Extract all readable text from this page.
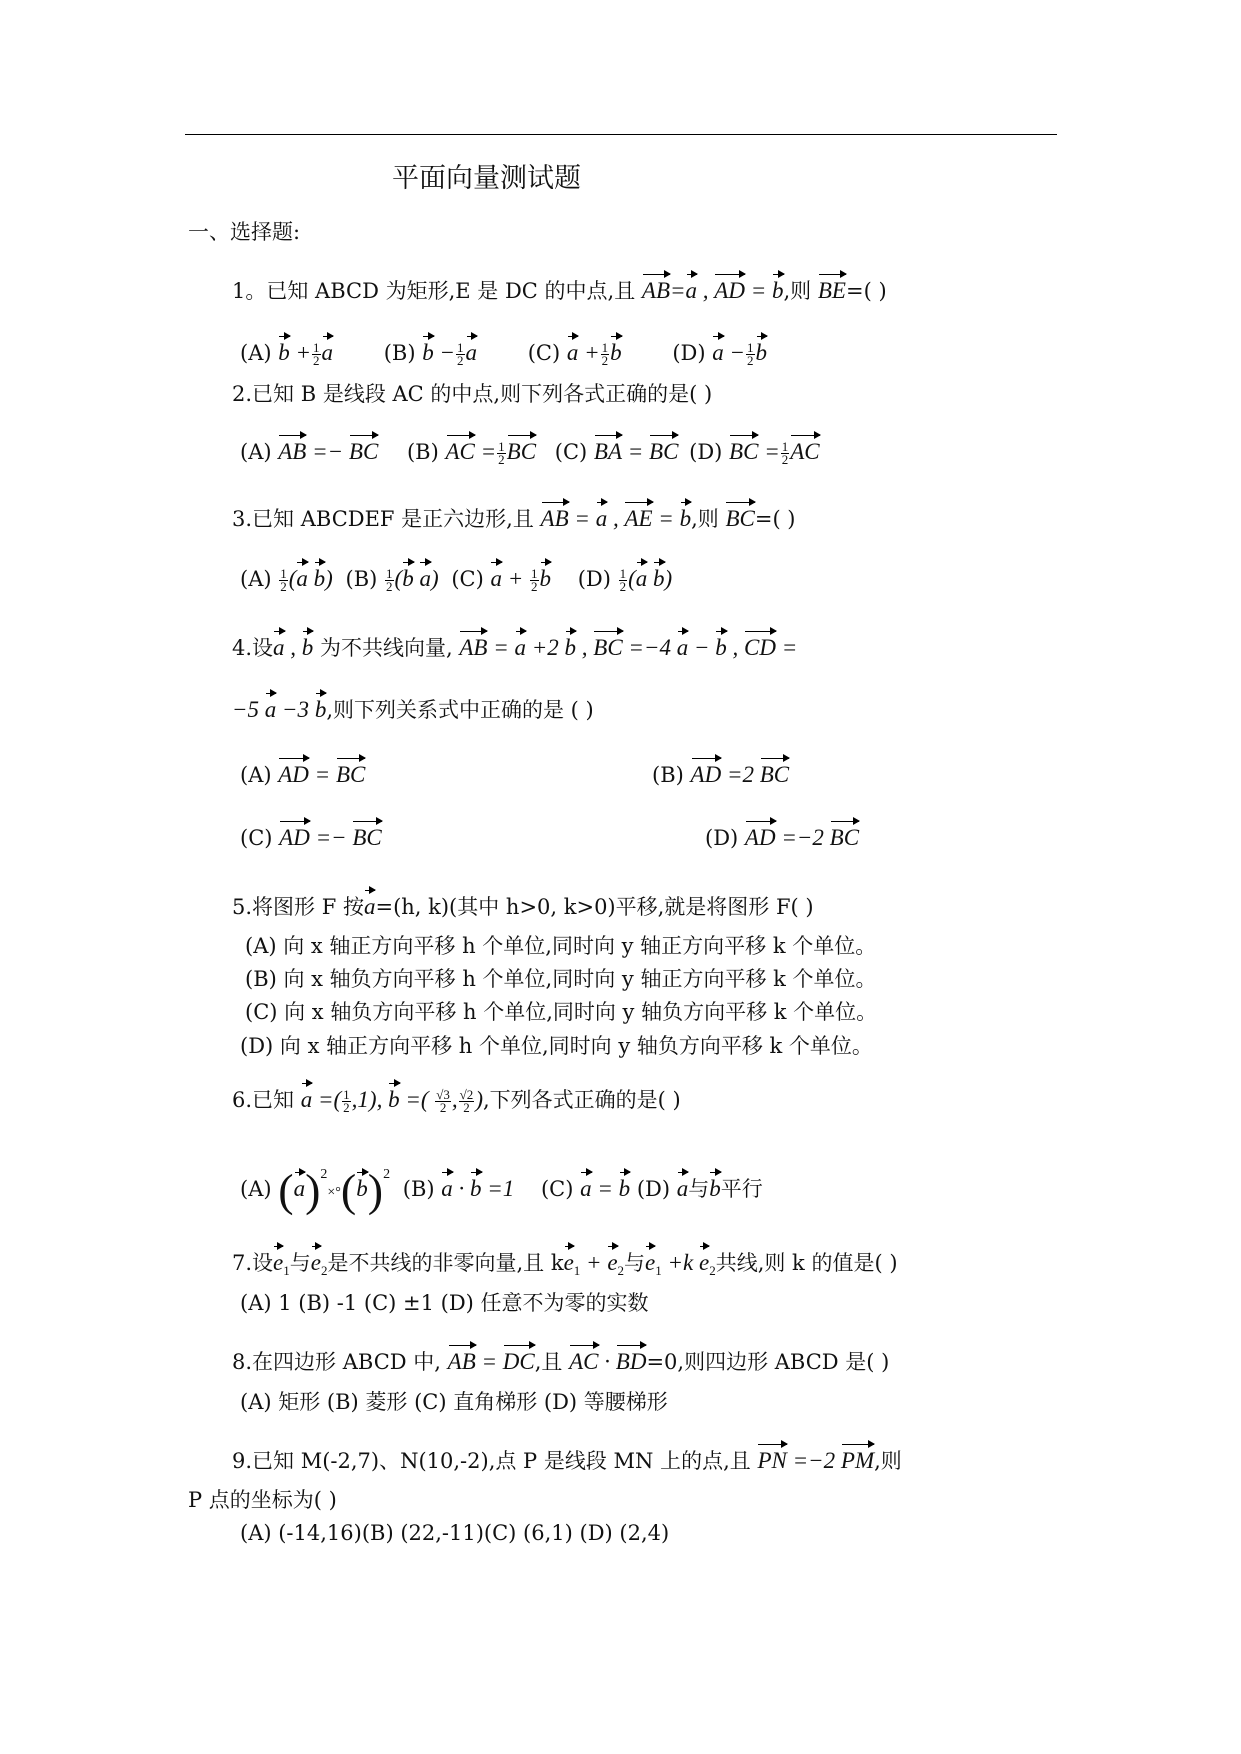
平面向量测试题
一、选择题:
1。已知 ABCD 为矩形,E 是 DC 的中点,且 AB=a , AD = b,则 BE=( )
(A) $b + \frac{1}{2}$ a (B) $b - \frac{1}{2}$ a (C) $a + \frac{1}{2}$ b (D) $a - \frac{1}{2}$ b
2.已知 B 是线段 AC 的中点,则下列各式正确的是( )
(A) AB =− BC (B) AC = $\frac{1}{2}$ BC (C) BA = BC (D) BC = $\frac{1}{2}$ AC
3.已知 ABCDEF 是正六边形,且 AB = a , AE = b,则 BC=( )
$(A) \frac{1}{2} (a$ b) $(B) \frac{1}{2} (b$ a) (C) $a + \frac{1}{2}$ b $(D) \frac{1}{2} (a$ b)
4.设a , b 为不共线向量, AB = a +2 b , BC =−4 a − b , CD =
−5 a −3 b,则下列关系式中正确的是 ( )
(A) AD = BC	(B) AD =2 BC
(C) AD =− BC	(D) AD =−2 BC
5.将图形 F 按a=(h, k)(其中 h>0, k>0)平移,就是将图形 F( )
(A) 向 x 轴正方向平移 h 个单位,同时向 y 轴正方向平移 k 个单位。
(B) 向 x 轴负方向平移 h 个单位,同时向 y 轴正方向平移 k 个单位。
(C) 向 x 轴负方向平移 h 个单位,同时向 y 轴负方向平移 k 个单位。
(D) 向 x 轴正方向平移 h 个单位,同时向 y 轴负方向平移 k 个单位。
6.已知 a =( $\frac{1}{2} ,1$), b =( $\frac{√3}{2}$ , $\frac{√2}{2}$ ),下列各式正确的是( )
(A) $(a)^2\times^\circ(b)^2$ (B) a · b =1 (C) a = b (D) a与b平行
7.设$e_1$与$e_2$是不共线的非零向量,且 $ke_1 + e_2$与$e_1 +k$ $e_2$共线,则 k 的值是( )
(A) 1 (B) -1 (C) ±1 (D) 任意不为零的实数
8.在四边形 ABCD 中, AB = DC,且 AC · BD=0,则四边形 ABCD 是( )
(A) 矩形 (B) 菱形 (C) 直角梯形 (D) 等腰梯形
9.已知 M(-2,7)、N(10,-2),点 P 是线段 MN 上的点,且 PN =−2 PM,则
P 点的坐标为( )
(A) (-14,16)(B) (22,-11)(C) (6,1) (D) (2,4)
